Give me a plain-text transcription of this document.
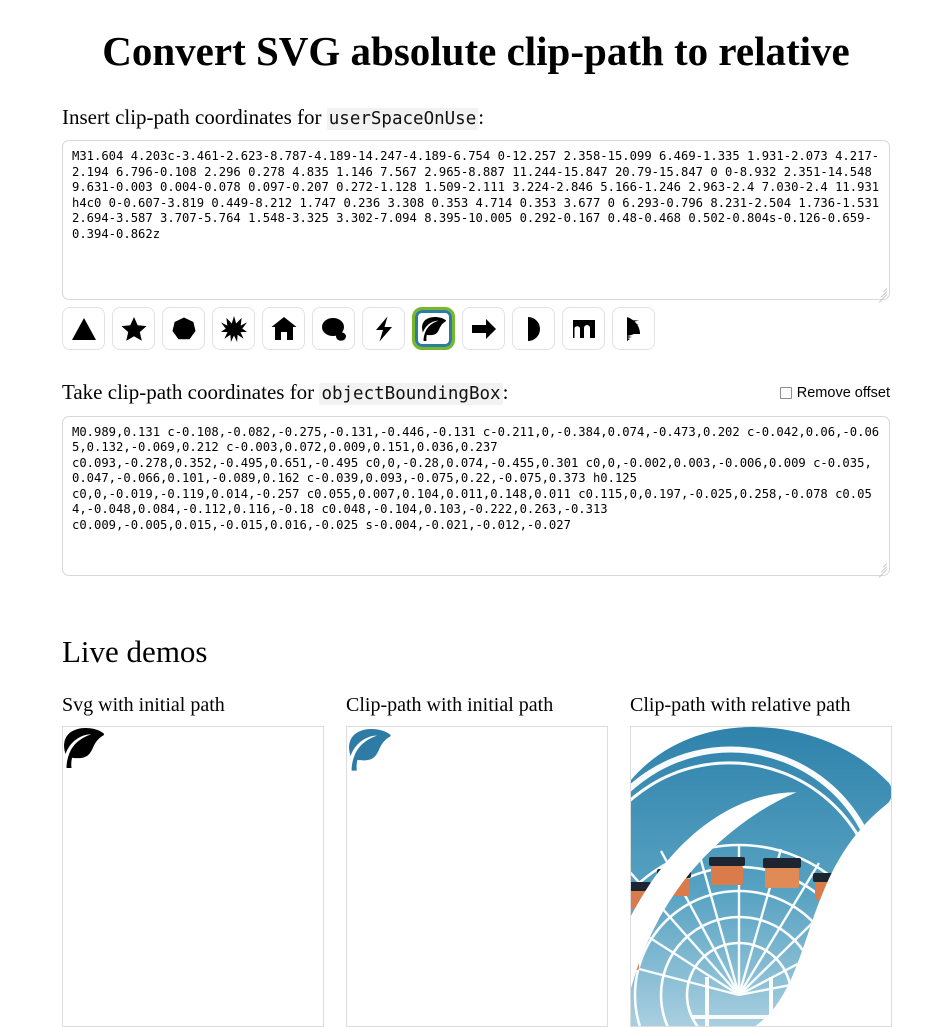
Convert SVG absolute clip-path to relative
Insert clip-path coordinates for userSpaceOnUse:
M31.604 4.203c-3.461-2.623-8.787-4.189-14.247-4.189-6.754 0-12.257 2.358-15.099 6.469-1.335 1.931-2.073 4.217-2.194 6.796-0.108 2.296 0.278 4.835 1.146 7.567 2.965-8.887 11.244-15.847 20.79-15.847 0 0-8.932 2.351-14.548 9.631-0.003 0.004-0.078 0.097-0.207 0.272-1.128 1.509-2.111 3.224-2.846 5.166-1.246 2.963-2.4 7.030-2.4 11.931h4c0 0-0.607-3.819 0.449-8.212 1.747 0.236 3.308 0.353 4.714 0.353 3.677 0 6.293-0.796 8.231-2.504 1.736-1.531 2.694-3.587 3.707-5.764 1.548-3.325 3.302-7.094 8.395-10.005 0.292-0.167 0.48-0.468 0.502-0.804s-0.126-0.659-0.394-0.862z
Take clip-path coordinates for objectBoundingBox:	Remove offset
M0.989,0.131 c-0.108,-0.082,-0.275,-0.131,-0.446,-0.131 c-0.211,0,-0.384,0.074,-0.473,0.202 c-0.042,0.06,-0.065,0.132,-0.069,0.212 c-0.003,0.072,0.009,0.151,0.036,0.237 c0.093,-0.278,0.352,-0.495,0.651,-0.495 c0,0,-0.28,0.074,-0.455,0.301 c0,0,-0.002,0.003,-0.006,0.009 c-0.035,0.047,-0.066,0.101,-0.089,0.162 c-0.039,0.093,-0.075,0.22,-0.075,0.373 h0.125 c0,0,-0.019,-0.119,0.014,-0.257 c0.055,0.007,0.104,0.011,0.148,0.011 c0.115,0,0.197,-0.025,0.258,-0.078 c0.054,-0.048,0.084,-0.112,0.116,-0.18 c0.048,-0.104,0.103,-0.222,0.263,-0.313 c0.009,-0.005,0.015,-0.015,0.016,-0.025 s-0.004,-0.021,-0.012,-0.027
Live demos
Svg with initial path	Clip-path with initial path	Clip-path with relative path
